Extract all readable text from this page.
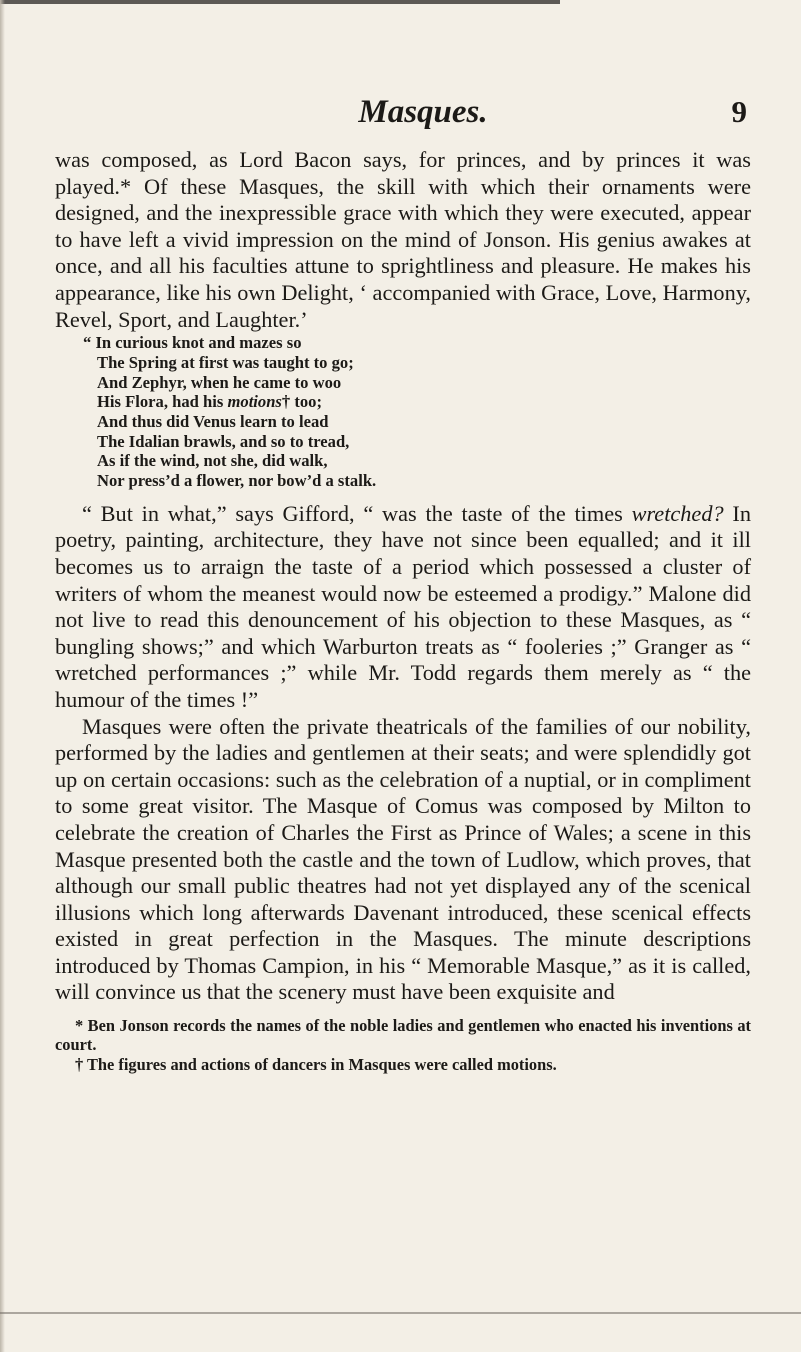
Masques.	9

was composed, as Lord Bacon says, for princes, and by princes it was played.* Of these Masques, the skill with which their ornaments were designed, and the inexpressible grace with which they were executed, appear to have left a vivid impression on the mind of Jonson. His genius awakes at once, and all his faculties attune to sprightliness and pleasure. He makes his appearance, like his own Delight, ‘ accompanied with Grace, Love, Harmony, Revel, Sport, and Laughter.’

“ In curious knot and mazes so
The Spring at first was taught to go;
And Zephyr, when he came to woo
His Flora, had his motions† too;
And thus did Venus learn to lead
The Idalian brawls, and so to tread,
As if the wind, not she, did walk,
Nor press’d a flower, nor bow’d a stalk.

“ But in what,” says Gifford, “ was the taste of the times wretched? In poetry, painting, architecture, they have not since been equalled; and it ill becomes us to arraign the taste of a period which possessed a cluster of writers of whom the meanest would now be esteemed a prodigy.” Malone did not live to read this denouncement of his objection to these Masques, as “ bungling shows;” and which Warburton treats as “ fooleries ;” Granger as “ wretched performances ;” while Mr. Todd regards them merely as “ the humour of the times !”

Masques were often the private theatricals of the families of our nobility, performed by the ladies and gentlemen at their seats; and were splendidly got up on certain occasions: such as the celebration of a nuptial, or in compliment to some great visitor. The Masque of Comus was composed by Milton to celebrate the creation of Charles the First as Prince of Wales; a scene in this Masque presented both the castle and the town of Ludlow, which proves, that although our small public theatres had not yet displayed any of the scenical illusions which long afterwards Davenant introduced, these scenical effects existed in great perfection in the Masques. The minute descriptions introduced by Thomas Campion, in his “ Memorable Masque,” as it is called, will convince us that the scenery must have been exquisite and

* Ben Jonson records the names of the noble ladies and gentlemen who enacted his inventions at court.

† The figures and actions of dancers in Masques were called motions.
